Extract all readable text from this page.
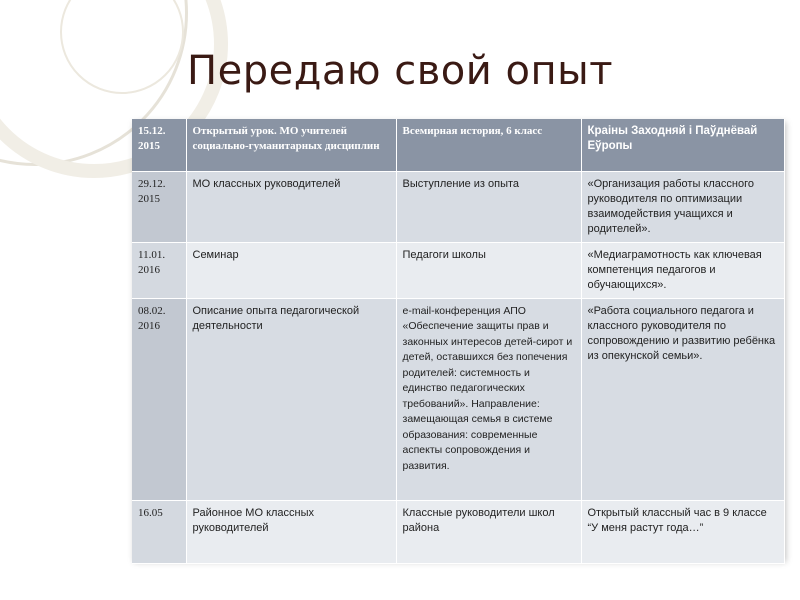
Передаю свой опыт
15.12. 2015	Открытый урок. МО учителей социально-гуманитарных дисциплин	Всемирная история, 6 класс	Краіны Заходняй і Паўднёвай Еўропы
29.12. 2015	МО классных руководителей	Выступление из опыта	«Организация работы классного руководителя по оптимизации взаимодействия учащихся и родителей».
11.01. 2016	Семинар	Педагоги школы	«Медиаграмотность как ключевая компетенция педагогов и обучающихся».
08.02. 2016	Описание опыта педагогической деятельности	e-mail-конференция АПО «Обеспечение защиты прав и законных интересов детей-сирот и детей, оставшихся без попечения родителей: системность и единство педагогических требований». Направление: замещающая семья в системе образования: современные аспекты сопровождения и развития.	«Работа социального педагога и классного руководителя по сопровождению и развитию ребёнка из опекунской семьи».
16.05	Районное МО классных руководителей	Классные руководители школ района	Открытый классный час в 9 классе “У меня растут года…”
